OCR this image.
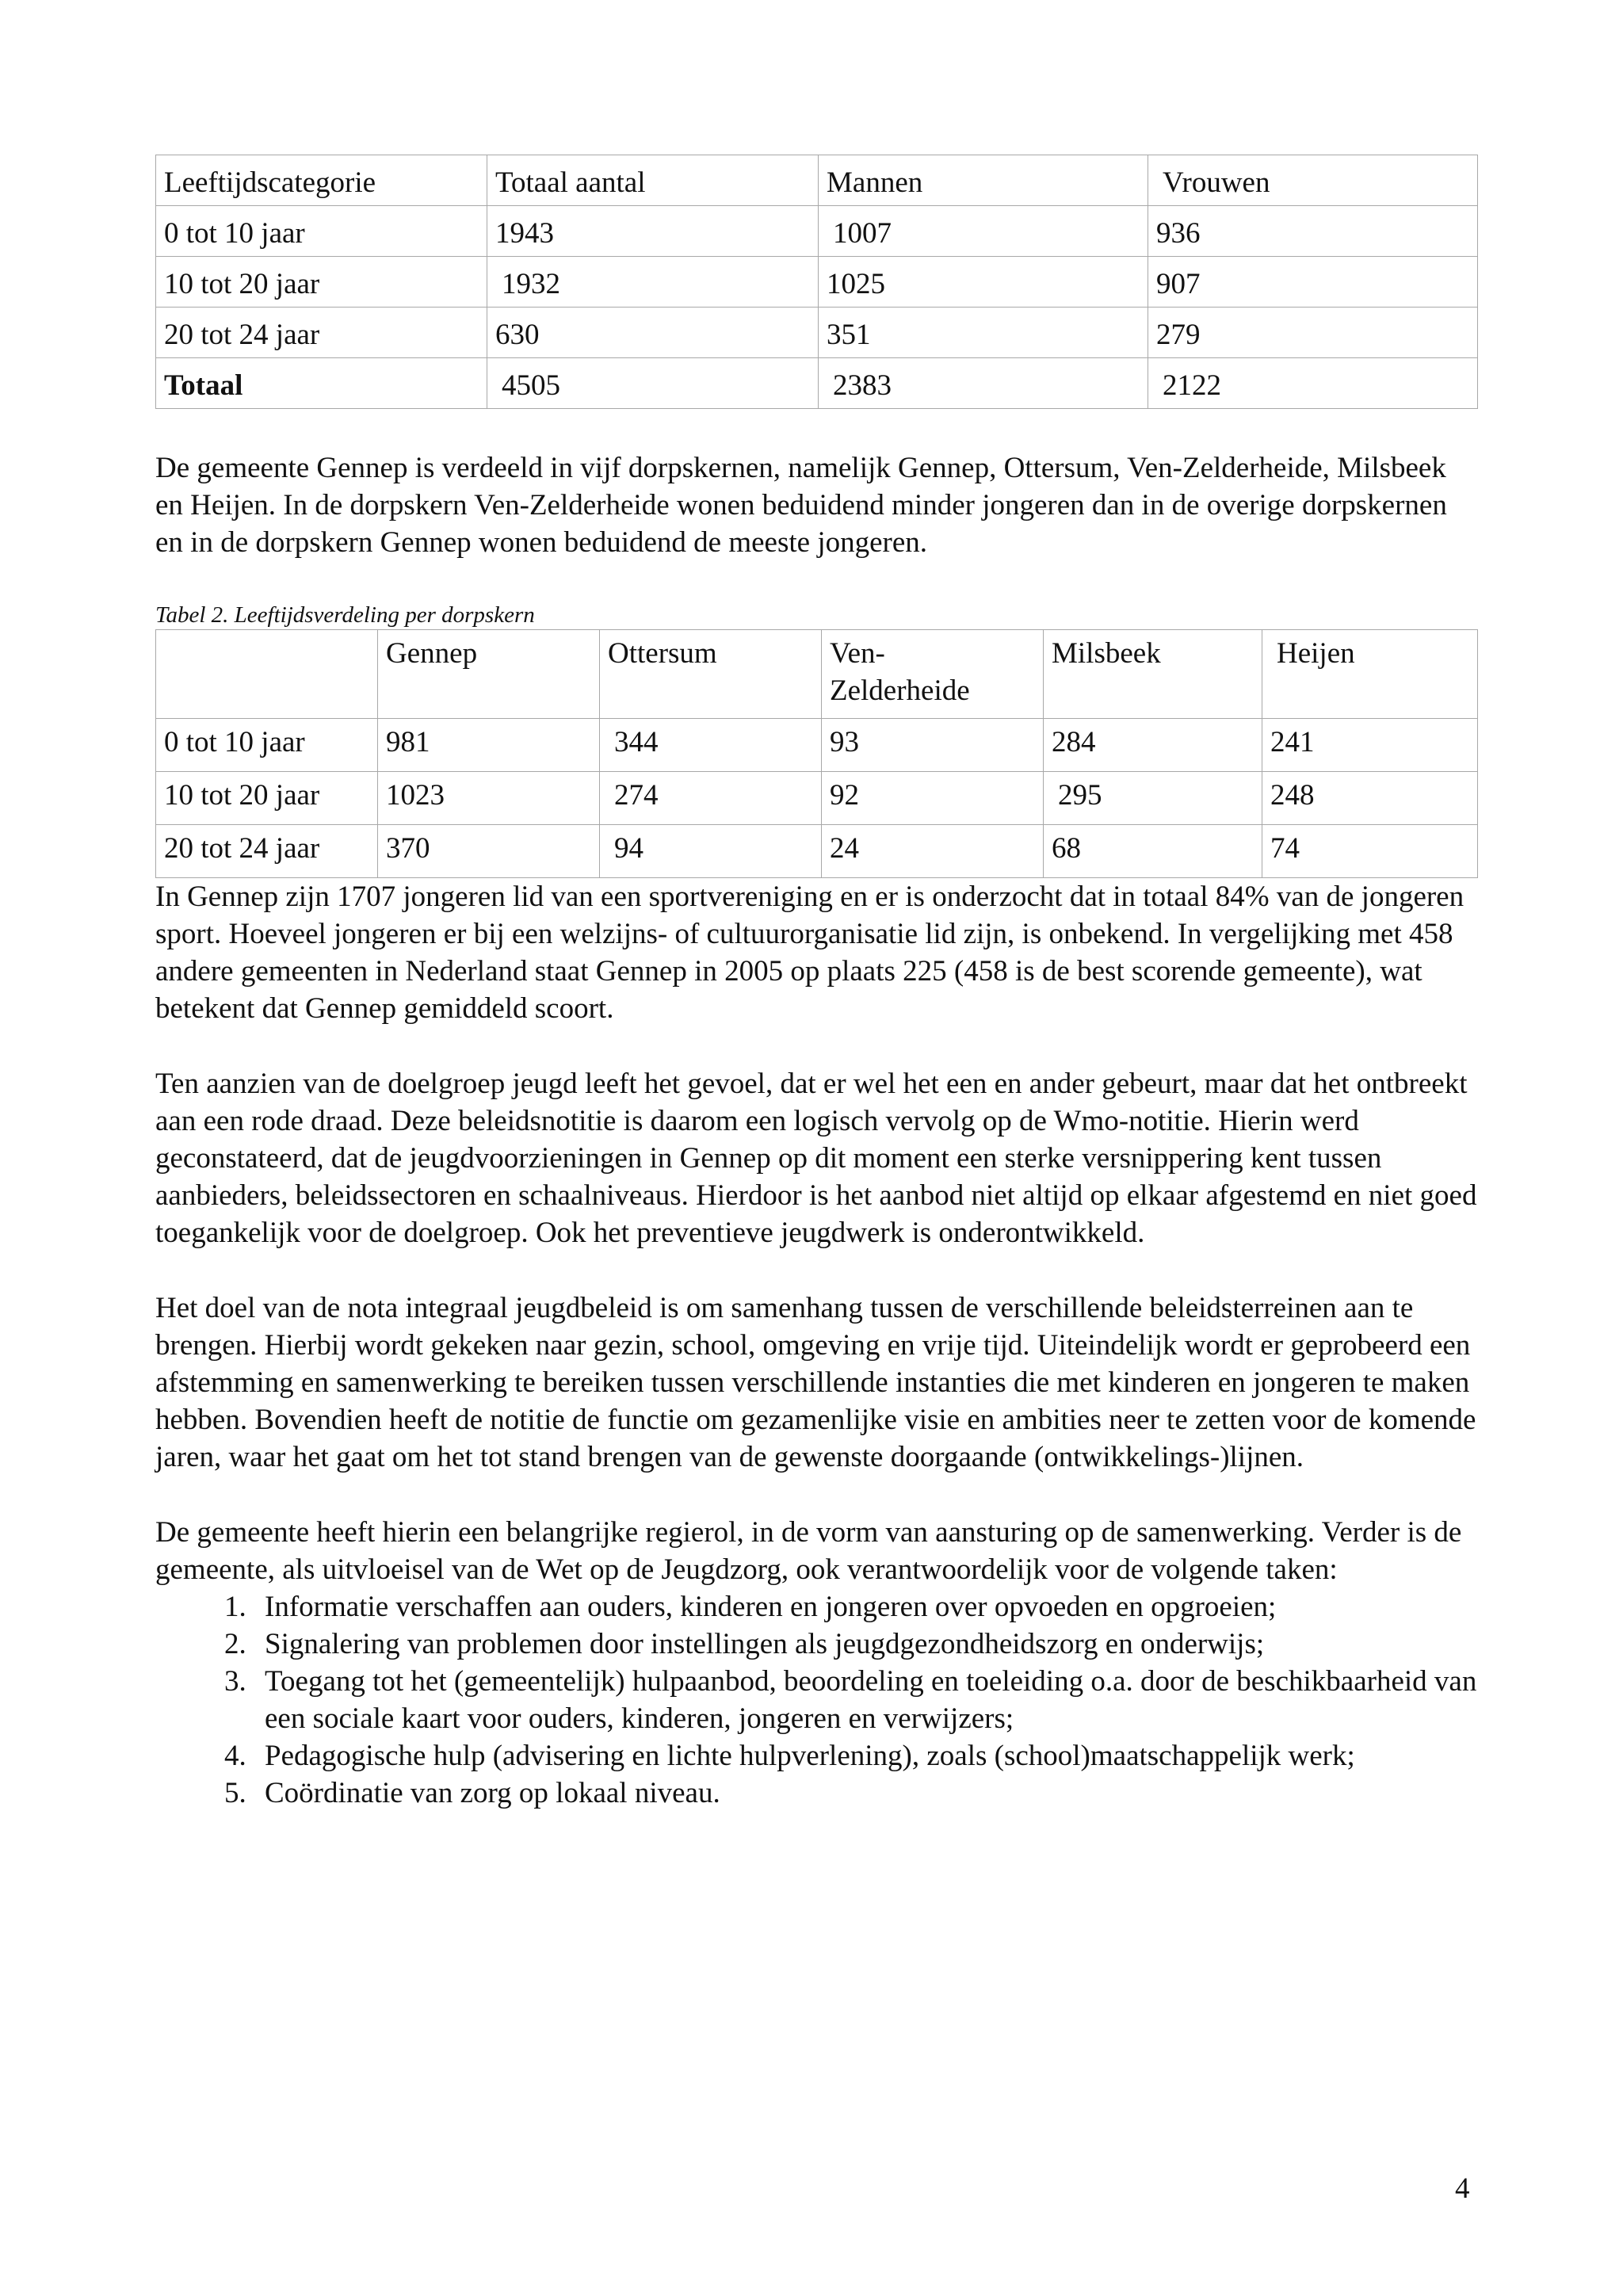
Leeftijdscategorie	Totaal aantal	Mannen	Vrouwen
0 tot 10 jaar	1943	1007	936
10 tot 20 jaar	1932	1025	907
20 tot 24 jaar	630	351	279
Totaal	4505	2383	2122

De gemeente Gennep is verdeeld in vijf dorpskernen, namelijk Gennep, Ottersum, Ven-Zelderheide, Milsbeek en Heijen. In de dorpskern Ven-Zelderheide wonen beduidend minder jongeren dan in de overige dorpskernen en in de dorpskern Gennep wonen beduidend de meeste jongeren.

Tabel 2. Leeftijdsverdeling per dorpskern
	Gennep	Ottersum	Ven-Zelderheide	Milsbeek	Heijen
0 tot 10 jaar	981	344	93	284	241
10 tot 20 jaar	1023	274	92	295	248
20 tot 24 jaar	370	94	24	68	74

In Gennep zijn 1707 jongeren lid van een sportvereniging en er is onderzocht dat in totaal 84% van de jongeren sport. Hoeveel jongeren er bij een welzijns- of cultuurorganisatie lid zijn, is onbekend. In vergelijking met 458 andere gemeenten in Nederland staat Gennep in 2005 op plaats 225 (458 is de best scorende gemeente), wat betekent dat Gennep gemiddeld scoort.

Ten aanzien van de doelgroep jeugd leeft het gevoel, dat er wel het een en ander gebeurt, maar dat het ontbreekt aan een rode draad. Deze beleidsnotitie is daarom een logisch vervolg op de Wmo-notitie. Hierin werd geconstateerd, dat de jeugdvoorzieningen in Gennep op dit moment een sterke versnippering kent tussen aanbieders, beleidssectoren en schaalniveaus. Hierdoor is het aanbod niet altijd op elkaar afgestemd en niet goed toegankelijk voor de doelgroep. Ook het preventieve jeugdwerk is onderontwikkeld.

Het doel van de nota integraal jeugdbeleid is om samenhang tussen de verschillende beleidsterreinen aan te brengen. Hierbij wordt gekeken naar gezin, school, omgeving en vrije tijd. Uiteindelijk wordt er geprobeerd een afstemming en samenwerking te bereiken tussen verschillende instanties die met kinderen en jongeren te maken hebben. Bovendien heeft de notitie de functie om gezamenlijke visie en ambities neer te zetten voor de komende jaren, waar het gaat om het tot stand brengen van de gewenste doorgaande (ontwikkelings-)lijnen.

De gemeente heeft hierin een belangrijke regierol, in de vorm van aansturing op de samenwerking. Verder is de gemeente, als uitvloeisel van de Wet op de Jeugdzorg, ook verantwoordelijk voor de volgende taken:

1. Informatie verschaffen aan ouders, kinderen en jongeren over opvoeden en opgroeien;
2. Signalering van problemen door instellingen als jeugdgezondheidszorg en onderwijs;
3. Toegang tot het (gemeentelijk) hulpaanbod, beoordeling en toeleiding o.a. door de beschikbaarheid van een sociale kaart voor ouders, kinderen, jongeren en verwijzers;
4. Pedagogische hulp (advisering en lichte hulpverlening), zoals (school)maatschappelijk werk;
5. Coördinatie van zorg op lokaal niveau.
4
